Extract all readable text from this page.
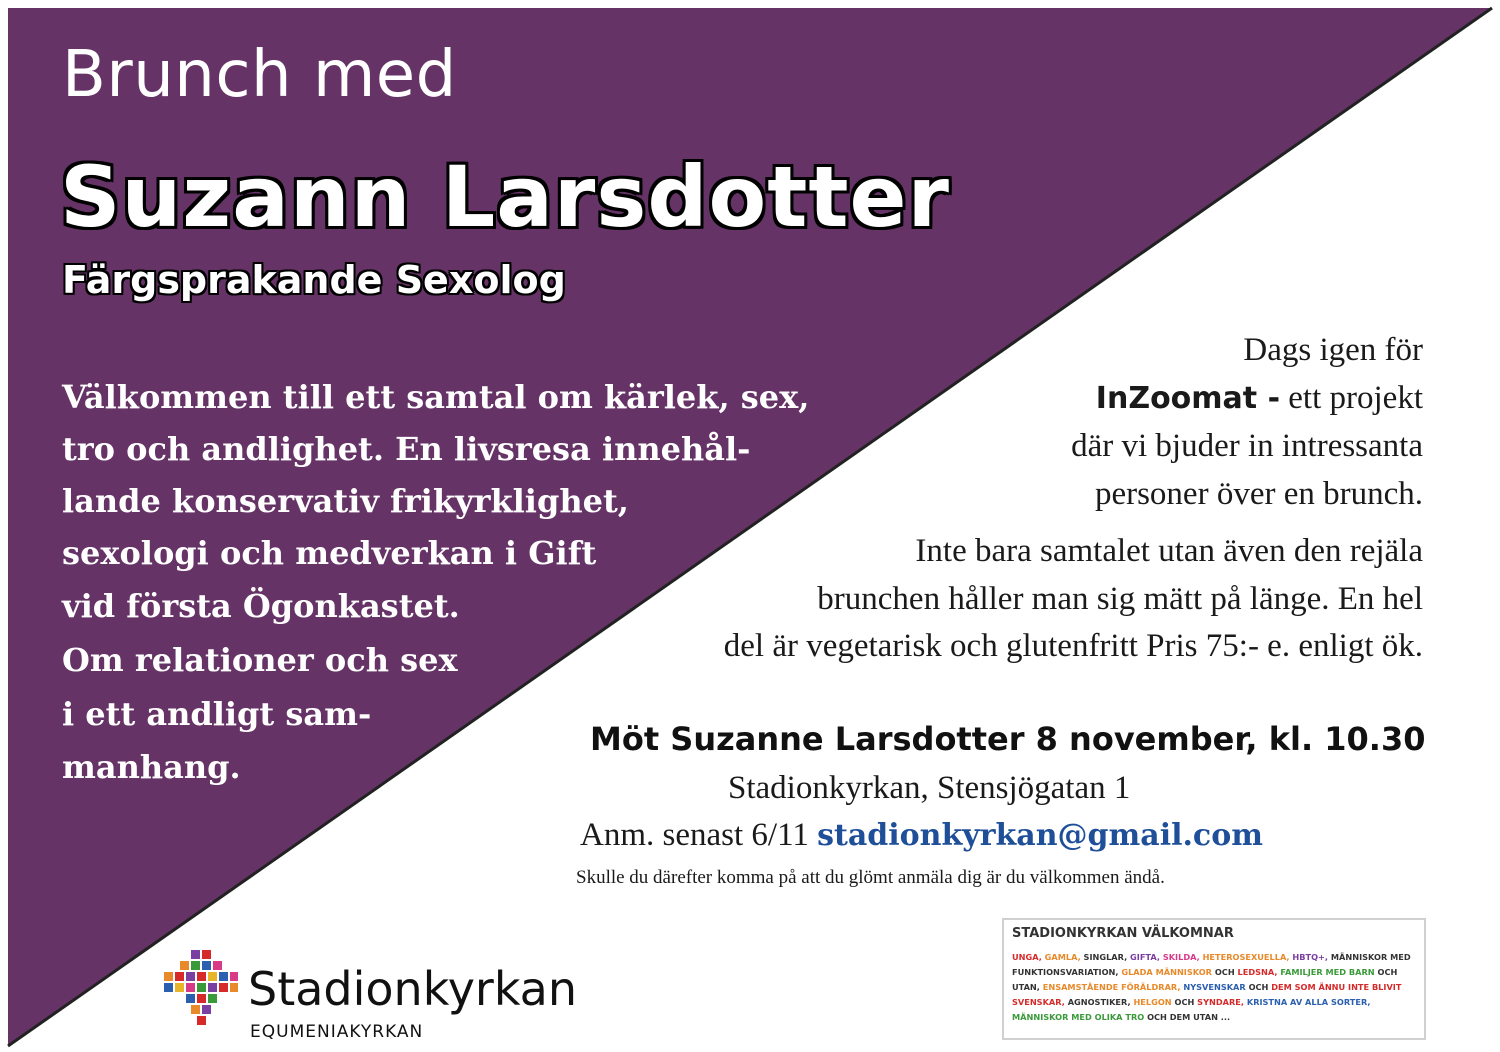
Brunch med
Suzann Larsdotter
Färgsprakande Sexolog
Välkommen till ett samtal om kärlek, sex,
tro och andlighet. En livsresa innehål-
lande konservativ frikyrklighet,
sexologi och medverkan i Gift
vid första Ögonkastet.
Om relationer och sex
i ett andligt sam-
manhang.
Dags igen för
InZoomat - ett projekt
där vi bjuder in intressanta
personer över en brunch.
Inte bara samtalet utan även den rejäla
brunchen håller man sig mätt på länge. En hel
del är vegetarisk och glutenfritt Pris 75:- e. enligt ök.
Möt Suzanne Larsdotter 8 november, kl. 10.30
Stadionkyrkan, Stensjögatan 1
Anm. senast 6/11 stadionkyrkan@gmail.com
Skulle du därefter komma på att du glömt anmäla dig är du välkommen ändå.
Stadionkyrkan
EQUMENIAKYRKAN
STADIONKYRKAN VÄLKOMNAR
UNGA, GAMLA, SINGLAR, GIFTA, SKILDA, HETEROSEXUELLA, HBTQ+, MÄNNISKOR MED FUNKTIONSVARIATION, GLADA MÄNNISKOR OCH LEDSNA, FAMILJER MED BARN OCH UTAN, ENSAMSTÅENDE FÖRÄLDRAR, NYSVENSKAR OCH DEM SOM ÄNNU INTE BLIVIT SVENSKAR, AGNOSTIKER, HELGON OCH SYNDARE, KRISTNA AV ALLA SORTER, MÄNNISKOR MED OLIKA TRO OCH DEM UTAN ...
